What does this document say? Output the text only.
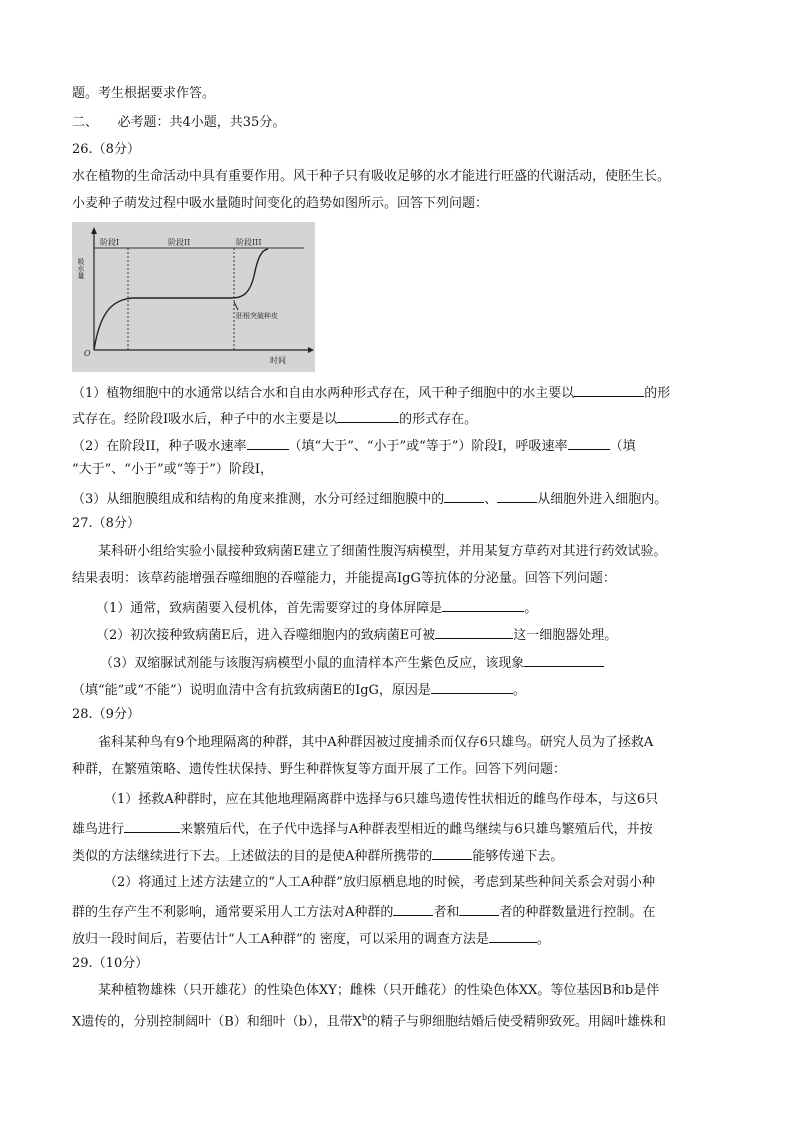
题。考生根据要求作答。
二、　　必考题：共4小题，共35分。
26.（8分）
水在植物的生命活动中具有重要作用。风干种子只有吸收足够的水才能进行旺盛的代谢活动，使胚生长。
小麦种子萌发过程中吸水量随时间变化的趋势如图所示。回答下列问题：
阶段I	阶段II	阶段III
吸水量
时间
O
胚根突破种皮
（1）植物细胞中的水通常以结合水和自由水两种形式存在，风干种子细胞中的水主要以	的形
式存在。经阶段I吸水后，种子中的水主要是以	的形式存在。
（2）在阶段II，种子吸水速率	（填“大于”、“小于”或“等于”）阶段I，呼吸速率	（填
“大于”、“小于”或“等于”）阶段I，
（3）从细胞膜组成和结构的角度来推测，水分可经过细胞膜中的	、	从细胞外进入细胞内。
27.（8分）
某科研小组给实验小鼠接种致病菌E建立了细菌性腹泻病模型，并用某复方草药对其进行药效试验。
结果表明：该草药能增强吞噬细胞的吞噬能力，并能提高IgG等抗体的分泌量。回答下列问题：
（1）通常，致病菌要入侵机体，首先需要穿过的身体屏障是	。
（2）初次接种致病菌E后，进入吞噬细胞内的致病菌E可被	这一细胞器处理。
（3）双缩脲试剂能与该腹泻病模型小鼠的血清样本产生紫色反应，该现象
（填“能”或“不能”）说明血清中含有抗致病菌E的IgG，原因是	。
28.（9分）
雀科某种鸟有9个地理隔离的种群，其中A种群因被过度捕杀而仅存6只雄鸟。研究人员为了拯救A
种群，在繁殖策略、遗传性状保持、野生种群恢复等方面开展了工作。回答下列问题：
（1）拯救A种群时，应在其他地理隔离群中选择与6只雄鸟遗传性状相近的雌鸟作母本，与这6只
雄鸟进行	来繁殖后代，在子代中选择与A种群表型相近的雌鸟继续与6只雄鸟繁殖后代，并按
类似的方法继续进行下去。上述做法的目的是使A种群所携带的	能够传递下去。
（2）将通过上述方法建立的“人工A种群”放归原栖息地的时候，考虑到某些种间关系会对弱小种
群的生存产生不利影响，通常要采用人工方法对A种群的	者和	者的种群数量进行控制。在
放归一段时间后，若要估计“人工A种群”的 密度，可以采用的调查方法是	。
29.（10分）
某种植物雄株（只开雄花）的性染色体XY；雌株（只开雌花）的性染色体XX。等位基因B和b是伴
X遗传的，分别控制阔叶（B）和细叶（b），且带$X^b$的精子与卵细胞结婚后使受精卵致死。用阔叶雄株和
